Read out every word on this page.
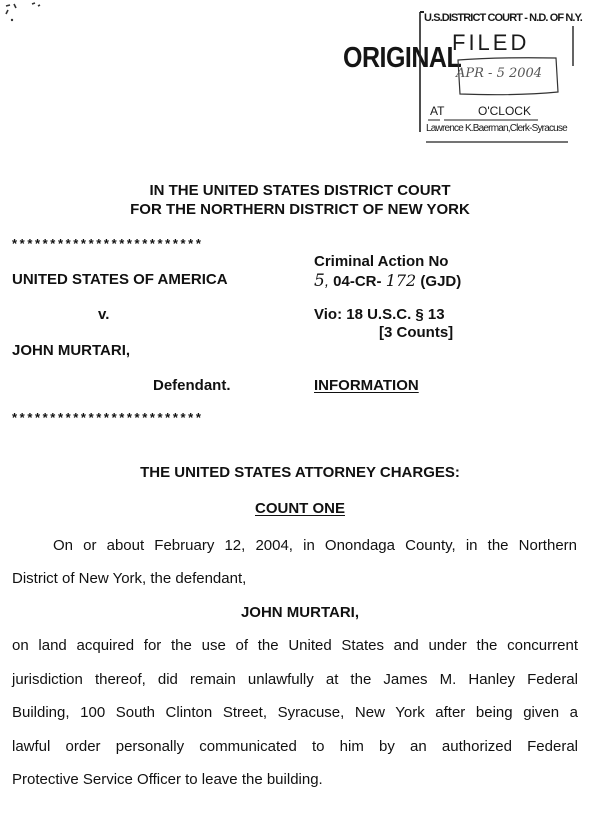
ORIGINAL
U.S.DISTRICT COURT - N.D. OF N.Y.
FILED
APR - 5 2004
AT	O'CLOCK
Lawrence K.Baerman,Clerk-Syracuse
IN THE UNITED STATES DISTRICT COURT
FOR THE NORTHERN DISTRICT OF NEW YORK
*************************
UNITED STATES OF AMERICA
v.
JOHN MURTARI,
Defendant.
*************************
Criminal Action No
5, 04-CR- 172 (GJD)
Vio: 18 U.S.C. § 13
[3 Counts]
INFORMATION
THE UNITED STATES ATTORNEY CHARGES:
COUNT ONE
On or about February 12, 2004, in Onondaga County, in the Northern
District of New York, the defendant,
JOHN MURTARI,
on land acquired for the use of the United States and under the concurrent
jurisdiction thereof, did remain unlawfully at the James M. Hanley Federal
Building, 100 South Clinton Street, Syracuse, New York after being given a
lawful order personally communicated to him by an authorized Federal
Protective Service Officer to leave the building.
